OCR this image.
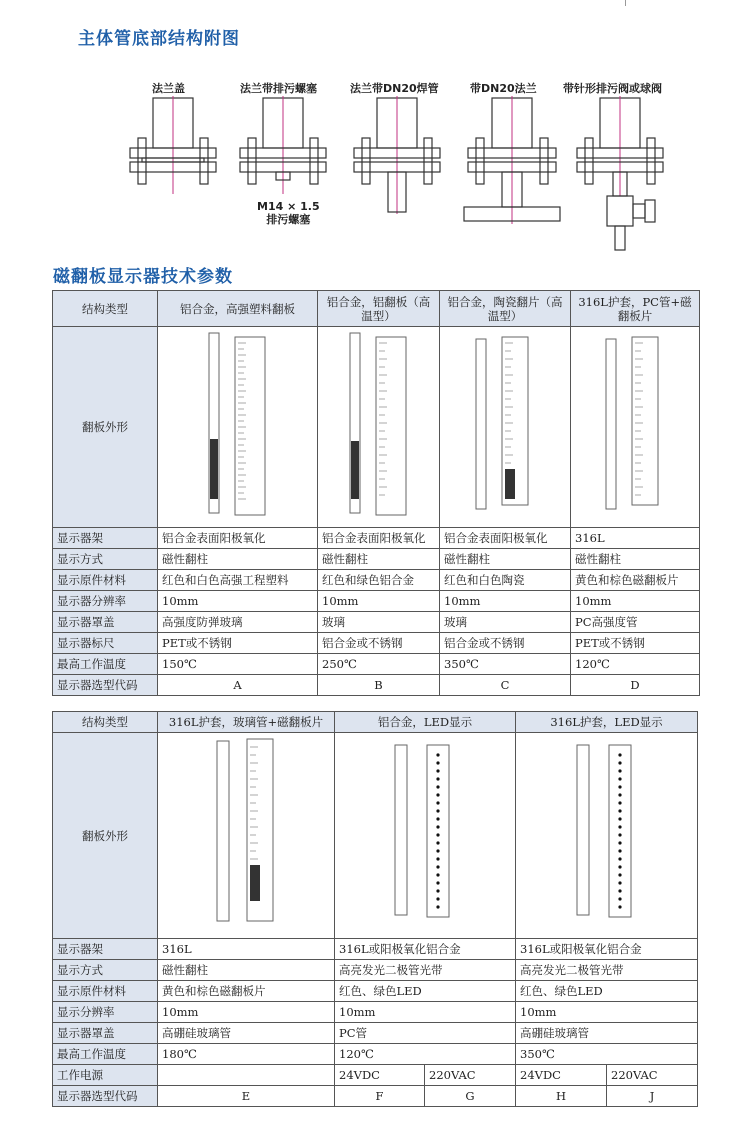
主体管底部结构附图
法兰盖	法兰带排污螺塞	法兰带DN20焊管	带DN20法兰 带针形排污阀或球阀
M14 × 1.5
排污螺塞
磁翻板显示器技术参数
结构类型	铝合金，高强塑料翻板	铝合金，铝翻板（高温型）	铝合金，陶瓷翻片（高温型）	316L护套，PC管+磁翻板片
翻板外形				
显示器架	铝合金表面阳极氧化	铝合金表面阳极氧化	铝合金表面阳极氧化	316L
显示方式	磁性翻柱	磁性翻柱	磁性翻柱	磁性翻柱
显示原件材料	红色和白色高强工程塑料	红色和绿色铝合金	红色和白色陶瓷	黄色和棕色磁翻板片
显示器分辨率	10mm	10mm	10mm	10mm
显示器罩盖	高强度防弹玻璃	玻璃	玻璃	PC高强度管
显示器标尺	PET或不锈钢	铝合金或不锈钢	铝合金或不锈钢	PET或不锈钢
最高工作温度	150℃	250℃	350℃	120℃
显示器选型代码	A	B	C	D
结构类型	316L护套，玻璃管+磁翻板片	铝合金，LED显示		316L护套，LED显示	
翻板外形			
显示器架	316L	316L或阳极氧化铝合金		316L或阳极氧化铝合金	
显示方式	磁性翻柱	高亮发光二极管光带		高亮发光二极管光带	
显示原件材料	黄色和棕色磁翻板片	红色、绿色LED		红色、绿色LED	
显示分辨率	10mm	10mm		10mm	
显示器罩盖	高硼硅玻璃管	PC管		高硼硅玻璃管	
最高工作温度	180℃	120℃		350℃	
工作电源		24VDC	220VAC	24VDC	220VAC
显示器选型代码	E	F	G	H	J
